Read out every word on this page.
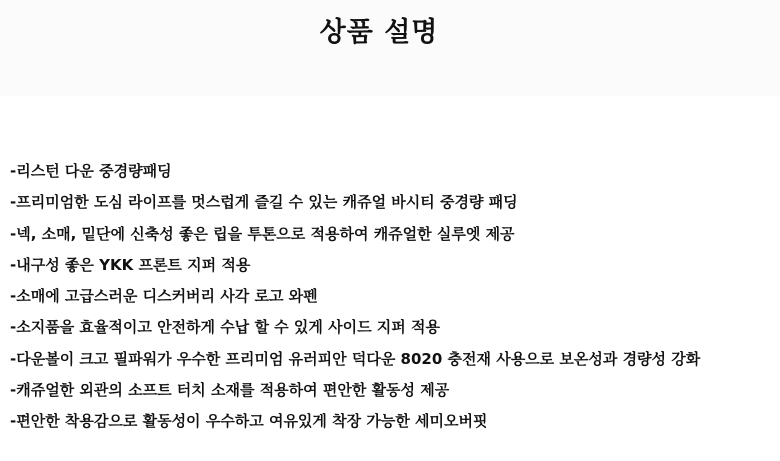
상품 설명
-리스턴 다운 중경량패딩
-프리미엄한 도심 라이프를 멋스럽게 즐길 수 있는 캐쥬얼 바시티 중경량 패딩
-넥, 소매, 밑단에 신축성 좋은 립을 투톤으로 적용하여 캐쥬얼한 실루엣 제공
-내구성 좋은 YKK 프론트 지퍼 적용
-소매에 고급스러운 디스커버리 사각 로고 와펜
-소지품을 효율적이고 안전하게 수납 할 수 있게 사이드 지퍼 적용
-다운볼이 크고 필파워가 우수한 프리미엄 유러피안 덕다운 8020 충전재 사용으로 보온성과 경량성 강화
-캐쥬얼한 외관의 소프트 터치 소재를 적용하여 편안한 활동성 제공
-편안한 착용감으로 활동성이 우수하고 여유있게 착장 가능한 세미오버핏
